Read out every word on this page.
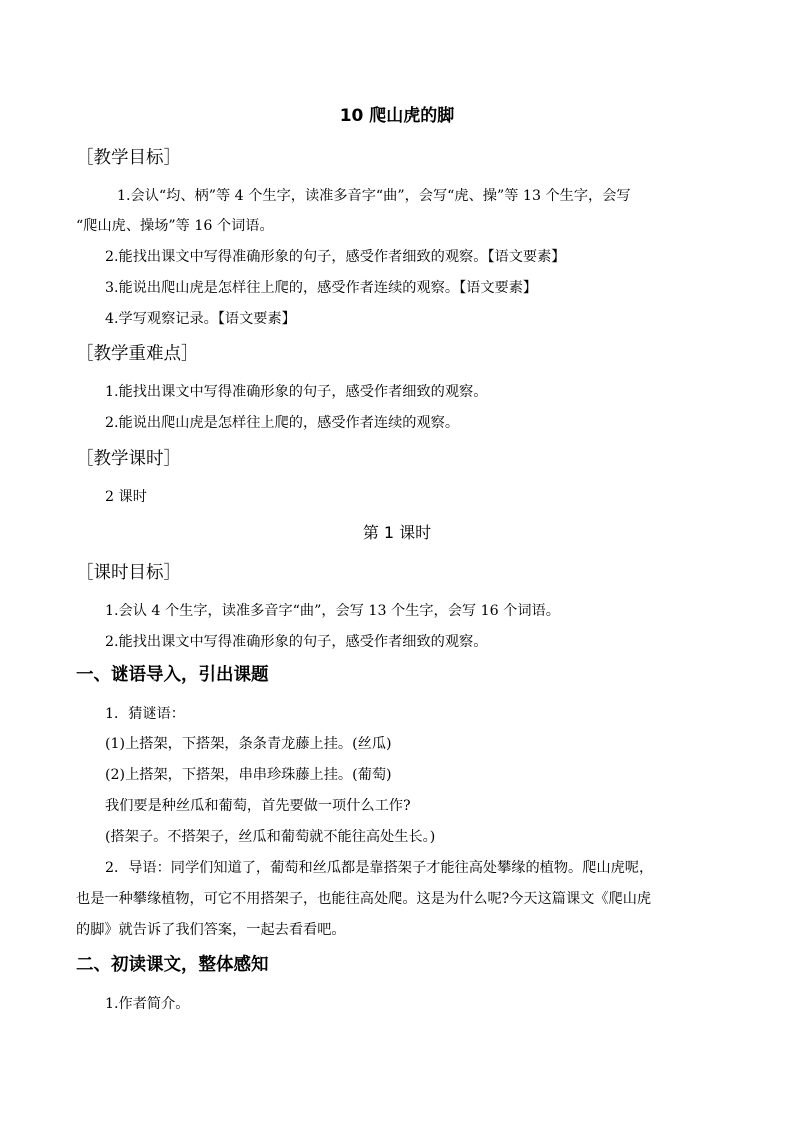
10 爬山虎的脚
［教学目标］
1.会认“均、柄”等 4 个生字，读准多音字“曲”，会写“虎、操”等 13 个生字，会写
“爬山虎、操场”等 16 个词语。
2.能找出课文中写得准确形象的句子，感受作者细致的观察。【语文要素】
3.能说出爬山虎是怎样往上爬的，感受作者连续的观察。【语文要素】
4.学写观察记录。【语文要素】
［教学重难点］
1.能找出课文中写得准确形象的句子，感受作者细致的观察。
2.能说出爬山虎是怎样往上爬的，感受作者连续的观察。
［教学课时］
2 课时
第 1 课时
［课时目标］
1.会认 4 个生字，读准多音字“曲”，会写 13 个生字，会写 16 个词语。
2.能找出课文中写得准确形象的句子，感受作者细致的观察。
一、谜语导入，引出课题
1．猜谜语：
(1)上搭架，下搭架，条条青龙藤上挂。(丝瓜)
(2)上搭架，下搭架，串串珍珠藤上挂。(葡萄)
我们要是种丝瓜和葡萄，首先要做一项什么工作?
(搭架子。不搭架子，丝瓜和葡萄就不能往高处生长。)
2．导语：同学们知道了，葡萄和丝瓜都是靠搭架子才能往高处攀缘的植物。爬山虎呢，
也是一种攀缘植物，可它不用搭架子，也能往高处爬。这是为什么呢?今天这篇课文《爬山虎
的脚》就告诉了我们答案，一起去看看吧。
二、初读课文，整体感知
1.作者简介。
